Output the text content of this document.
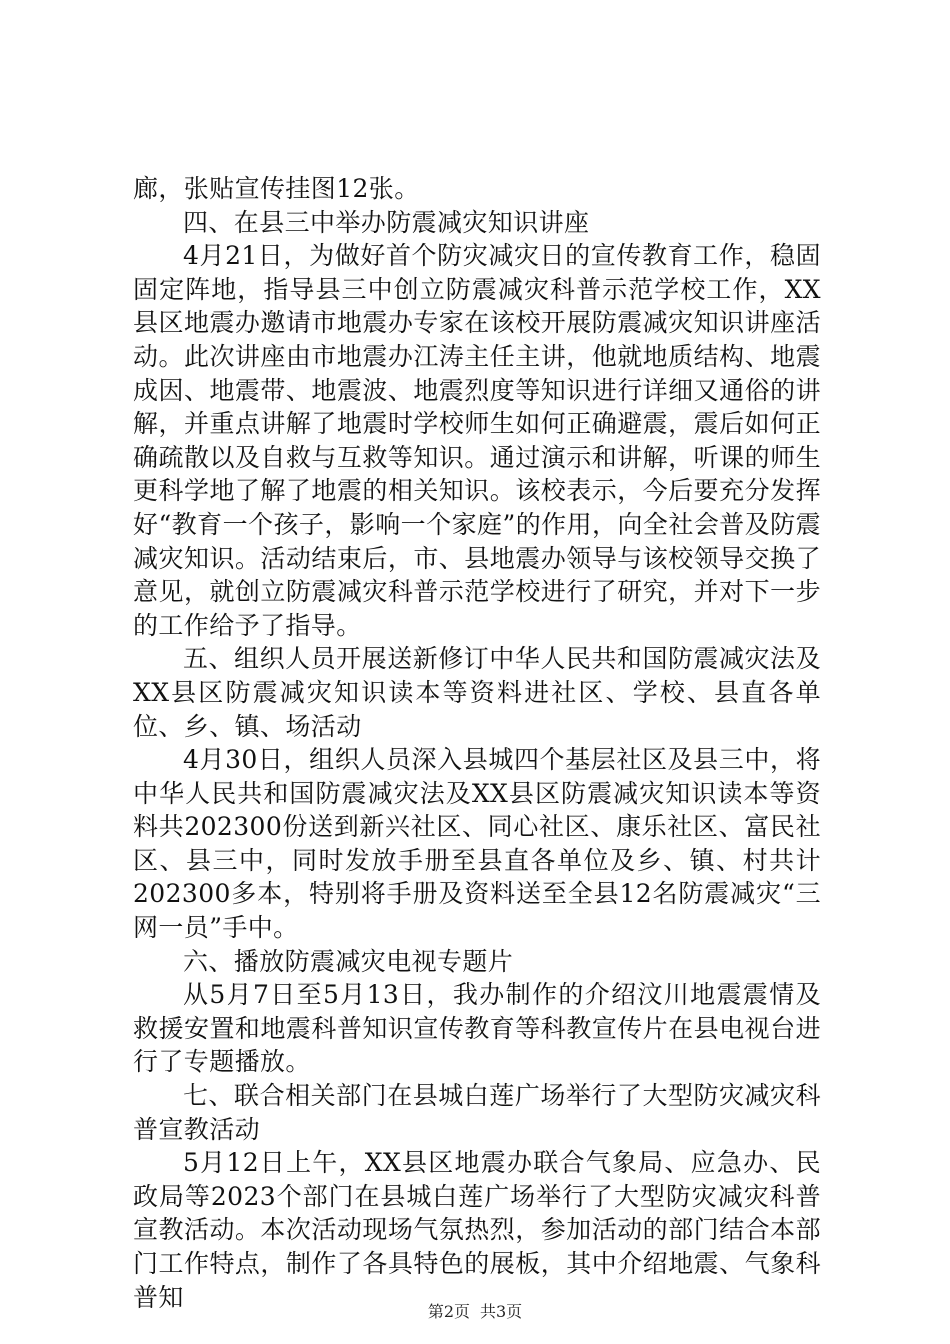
廊，张贴宣传挂图12张。

四、在县三中举办防震减灾知识讲座

4月21日，为做好首个防灾减灾日的宣传教育工作，稳固固定阵地，指导县三中创立防震减灾科普示范学校工作，XX县区地震办邀请市地震办专家在该校开展防震减灾知识讲座活动。此次讲座由市地震办江涛主任主讲，他就地质结构、地震成因、地震带、地震波、地震烈度等知识进行详细又通俗的讲解，并重点讲解了地震时学校师生如何正确避震，震后如何正确疏散以及自救与互救等知识。通过演示和讲解，听课的师生更科学地了解了地震的相关知识。该校表示，今后要充分发挥好“教育一个孩子，影响一个家庭”的作用，向全社会普及防震减灾知识。活动结束后，市、县地震办领导与该校领导交换了意见，就创立防震减灾科普示范学校进行了研究，并对下一步的工作给予了指导。

五、组织人员开展送新修订中华人民共和国防震减灾法及XX县区防震减灾知识读本等资料进社区、学校、县直各单位、乡、镇、场活动

4月30日，组织人员深入县城四个基层社区及县三中，将中华人民共和国防震减灾法及XX县区防震减灾知识读本等资料共202300份送到新兴社区、同心社区、康乐社区、富民社区、县三中，同时发放手册至县直各单位及乡、镇、村共计202300多本，特别将手册及资料送至全县12名防震减灾“三网一员”手中。

六、播放防震减灾电视专题片

从5月7日至5月13日，我办制作的介绍汶川地震震情及救援安置和地震科普知识宣传教育等科教宣传片在县电视台进行了专题播放。

七、联合相关部门在县城白莲广场举行了大型防灾减灾科普宣教活动

5月12日上午，XX县区地震办联合气象局、应急办、民政局等2023个部门在县城白莲广场举行了大型防灾减灾科普宣教活动。本次活动现场气氛热烈，参加活动的部门结合本部门工作特点，制作了各具特色的展板，其中介绍地震、气象科普知	第2页 共3页
